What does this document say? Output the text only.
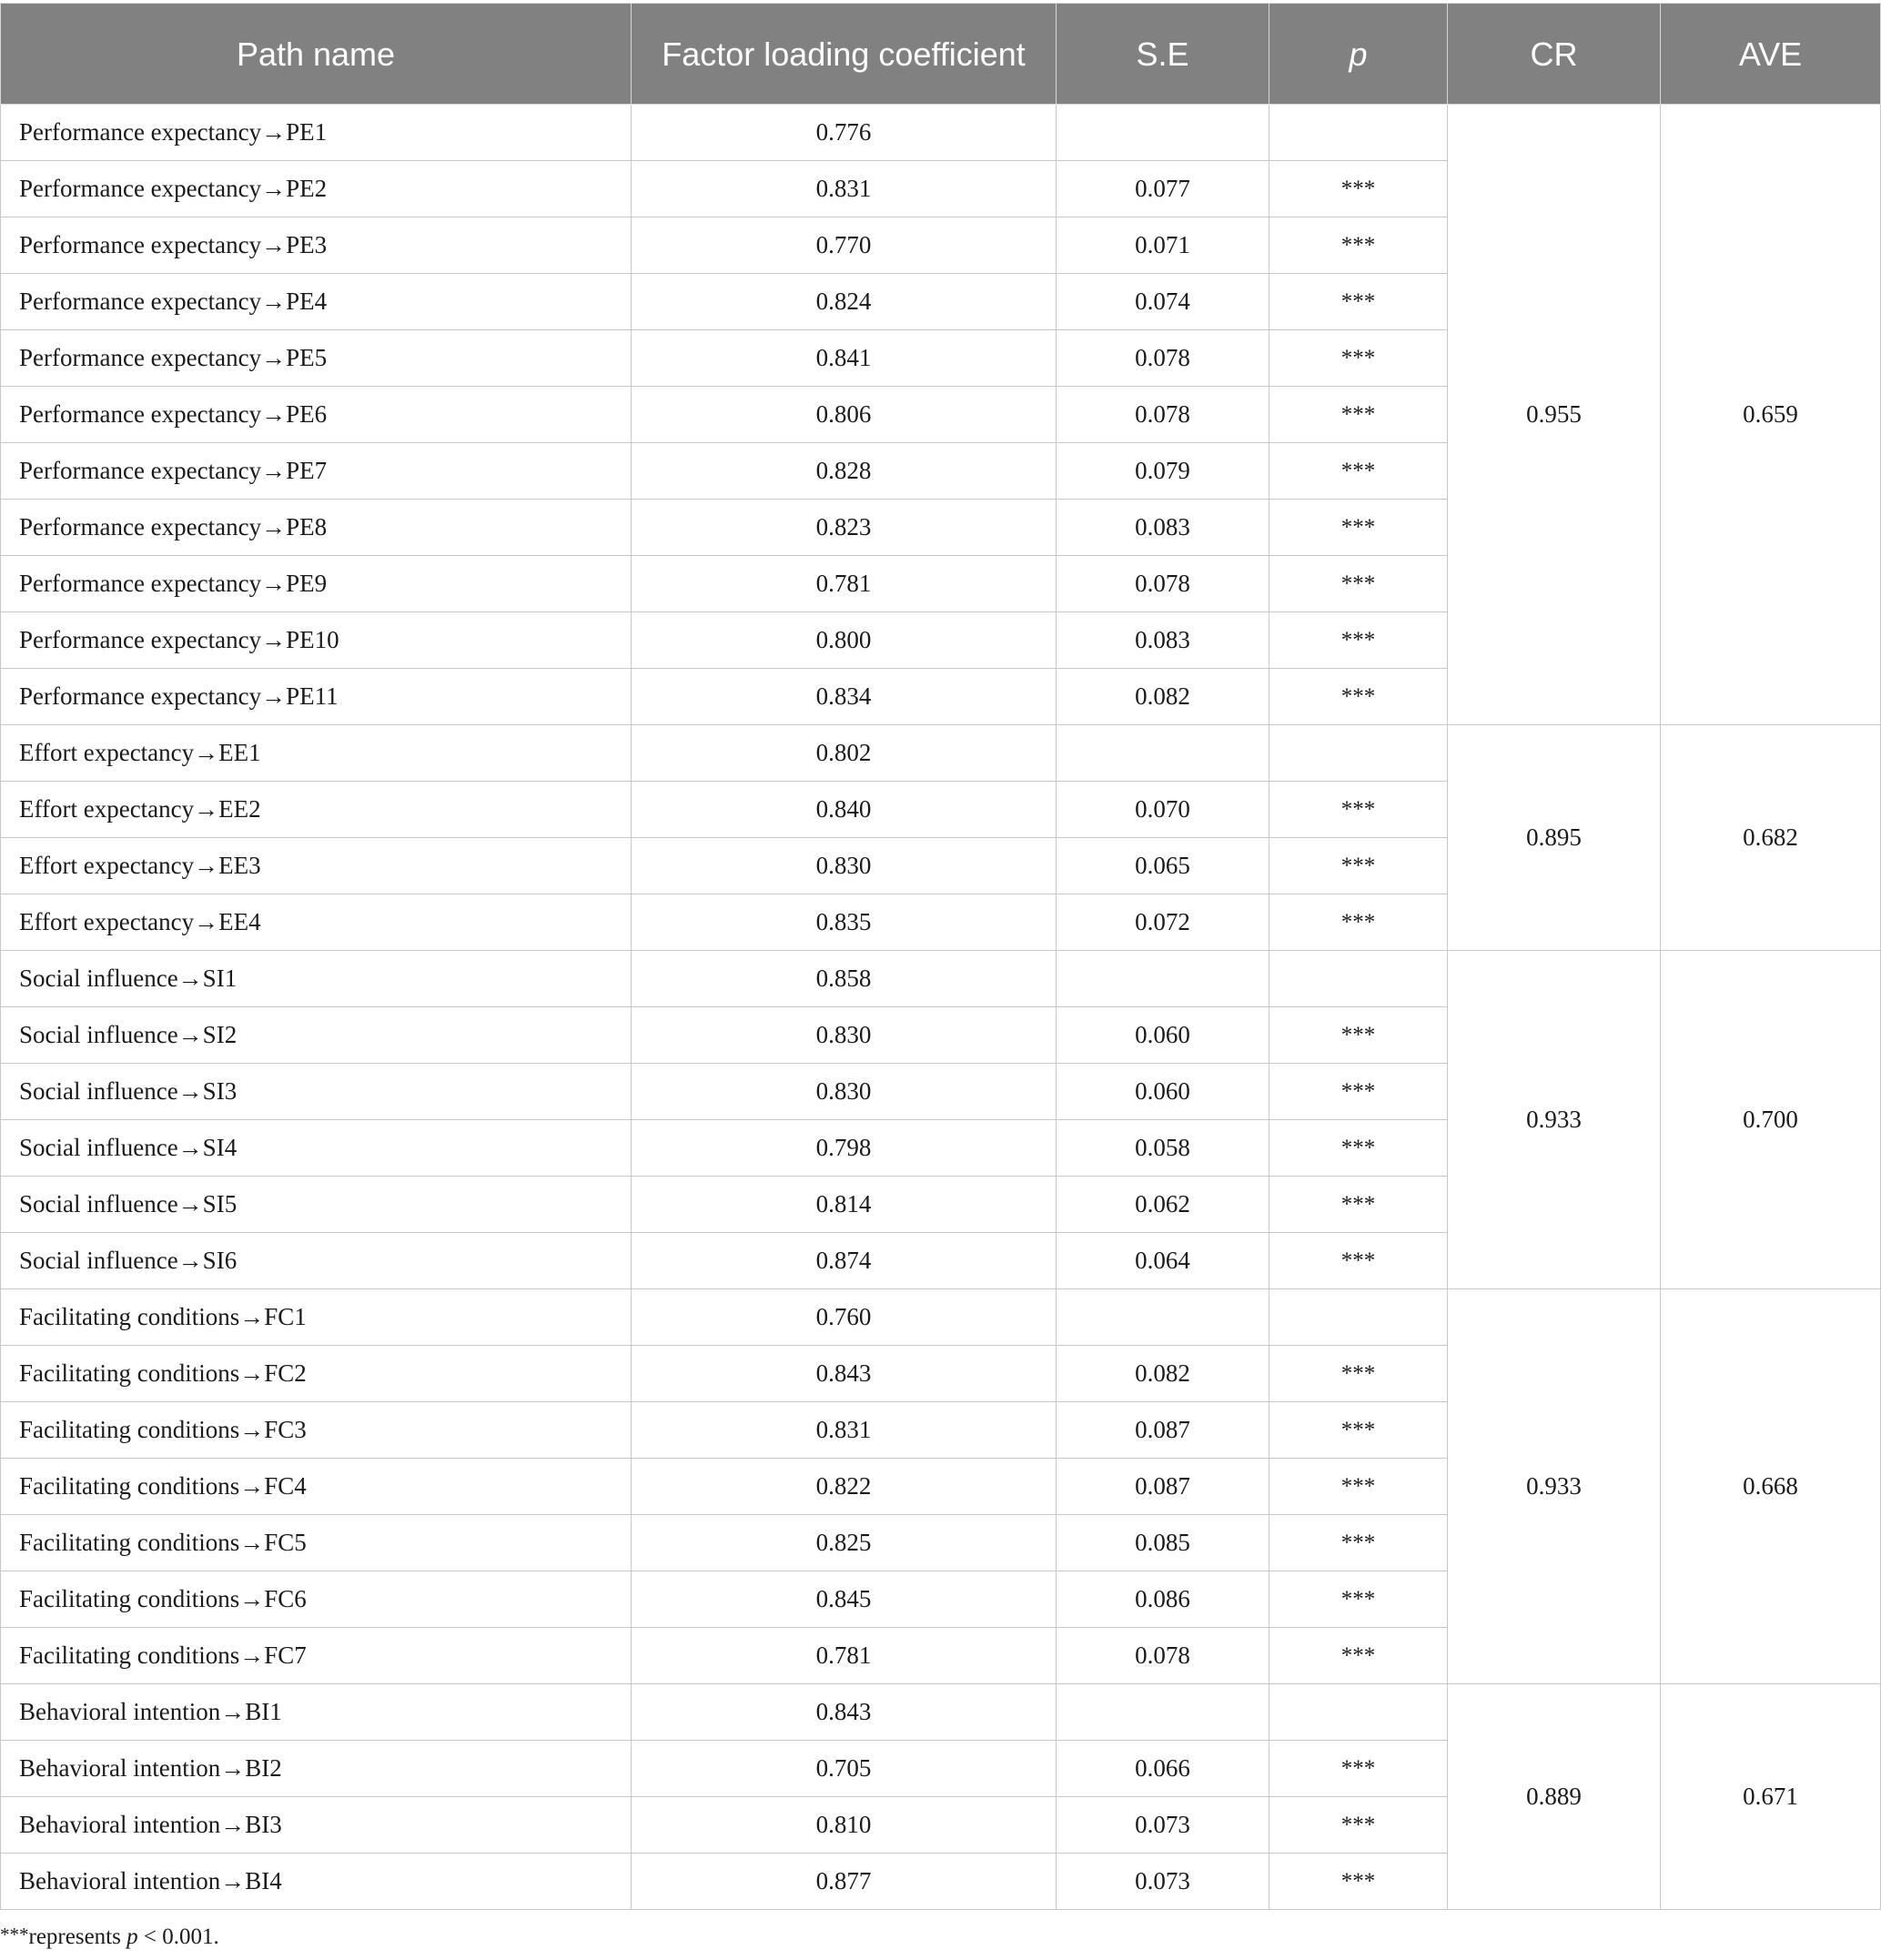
Path name	Factor loading coefficient	S.E	p	CR	AVE
Performance expectancy→PE1	0.776			0.955	0.659
Performance expectancy→PE2	0.831	0.077	***		
Performance expectancy→PE3	0.770	0.071	***		
Performance expectancy→PE4	0.824	0.074	***		
Performance expectancy→PE5	0.841	0.078	***		
Performance expectancy→PE6	0.806	0.078	***		
Performance expectancy→PE7	0.828	0.079	***		
Performance expectancy→PE8	0.823	0.083	***		
Performance expectancy→PE9	0.781	0.078	***		
Performance expectancy→PE10	0.800	0.083	***		
Performance expectancy→PE11	0.834	0.082	***		
Effort expectancy→EE1	0.802			0.895	0.682
Effort expectancy→EE2	0.840	0.070	***		
Effort expectancy→EE3	0.830	0.065	***		
Effort expectancy→EE4	0.835	0.072	***		
Social influence→SI1	0.858			0.933	0.700
Social influence→SI2	0.830	0.060	***		
Social influence→SI3	0.830	0.060	***		
Social influence→SI4	0.798	0.058	***		
Social influence→SI5	0.814	0.062	***		
Social influence→SI6	0.874	0.064	***		
Facilitating conditions→FC1	0.760			0.933	0.668
Facilitating conditions→FC2	0.843	0.082	***		
Facilitating conditions→FC3	0.831	0.087	***		
Facilitating conditions→FC4	0.822	0.087	***		
Facilitating conditions→FC5	0.825	0.085	***		
Facilitating conditions→FC6	0.845	0.086	***		
Facilitating conditions→FC7	0.781	0.078	***		
Behavioral intention→BI1	0.843			0.889	0.671
Behavioral intention→BI2	0.705	0.066	***		
Behavioral intention→BI3	0.810	0.073	***		
Behavioral intention→BI4	0.877	0.073	***		

***represents p < 0.001.
